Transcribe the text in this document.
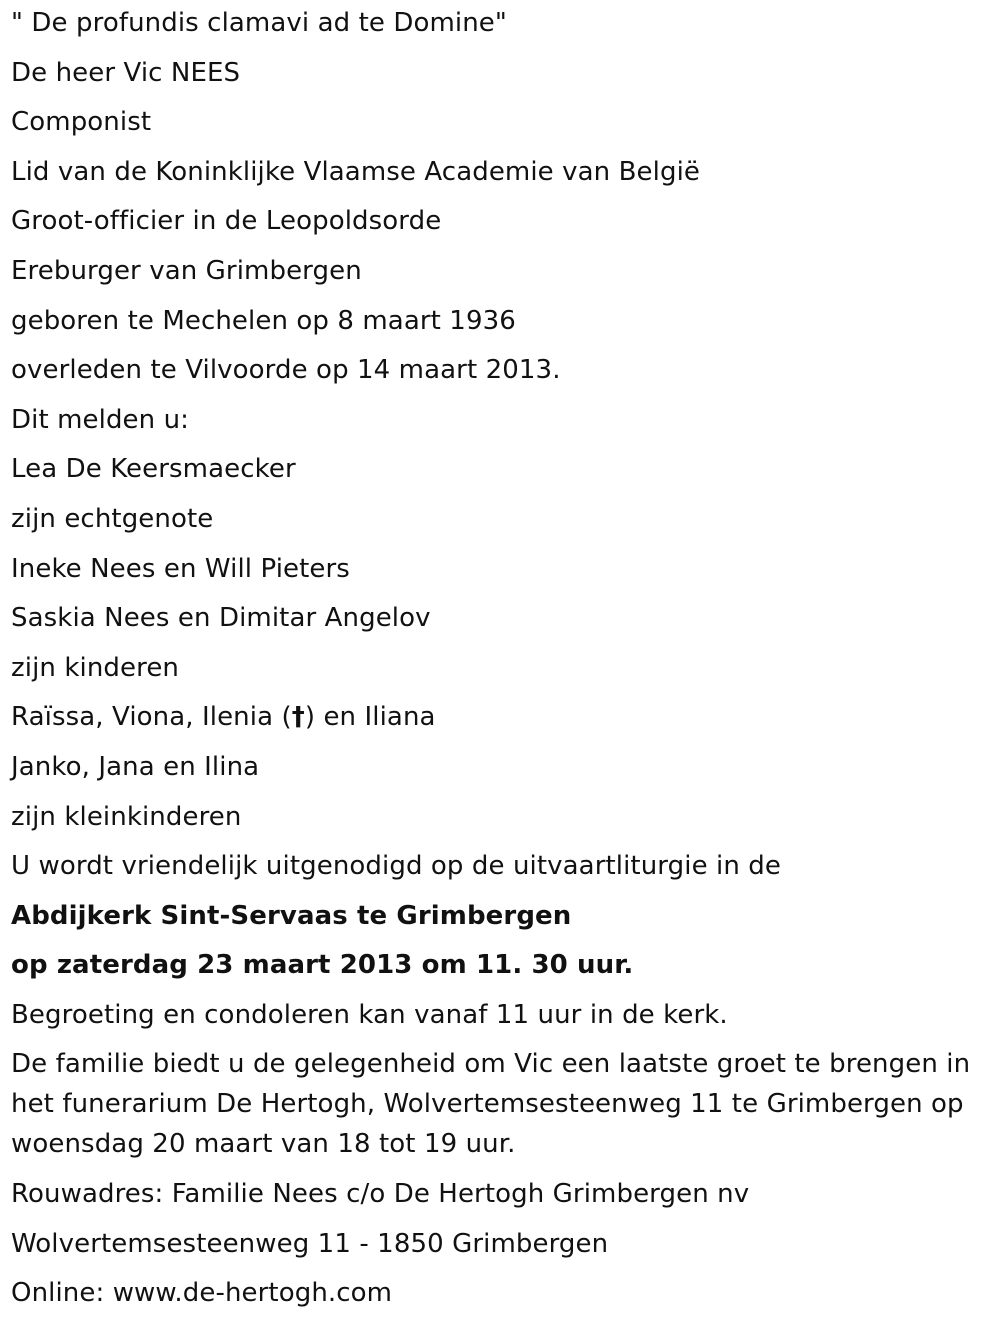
" De profundis clamavi ad te Domine"
De heer Vic NEES
Componist
Lid van de Koninklijke Vlaamse Academie van België
Groot-officier in de Leopoldsorde
Ereburger van Grimbergen
geboren te Mechelen op 8 maart 1936
overleden te Vilvoorde op 14 maart 2013.
Dit melden u:
Lea De Keersmaecker
zijn echtgenote
Ineke Nees en Will Pieters
Saskia Nees en Dimitar Angelov
zijn kinderen
Raïssa, Viona, Ilenia (†) en Iliana
Janko, Jana en Ilina
zijn kleinkinderen
U wordt vriendelijk uitgenodigd op de uitvaartliturgie in de
Abdijkerk Sint-Servaas te Grimbergen
op zaterdag 23 maart 2013 om 11. 30 uur.
Begroeting en condoleren kan vanaf 11 uur in de kerk.
De familie biedt u de gelegenheid om Vic een laatste groet te brengen in het funerarium De Hertogh, Wolvertemsesteenweg 11 te Grimbergen op woensdag 20 maart van 18 tot 19 uur.
Rouwadres: Familie Nees c/o De Hertogh Grimbergen nv
Wolvertemsesteenweg 11 - 1850 Grimbergen
Online: www.de-hertogh.com
